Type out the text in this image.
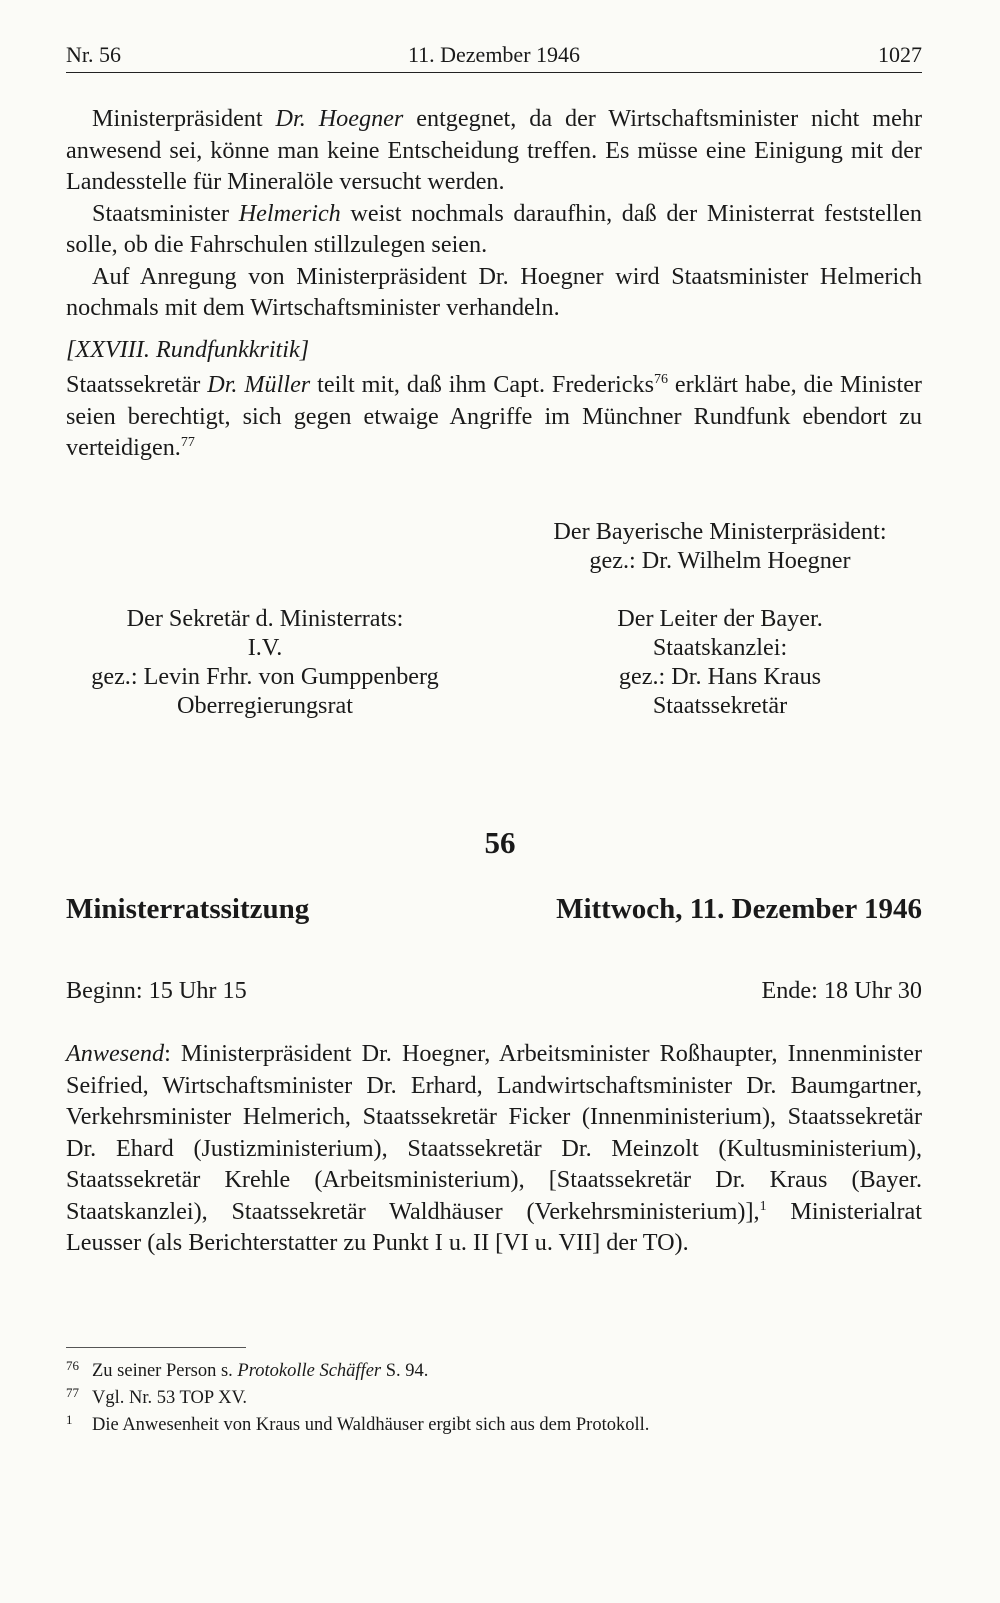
Nr. 56	11. Dezember 1946	1027

Ministerpräsident Dr. Hoegner entgegnet, da der Wirtschaftsminister nicht mehr anwesend sei, könne man keine Entscheidung treffen. Es müsse eine Einigung mit der Landesstelle für Mineralöle versucht werden.

Staatsminister Helmerich weist nochmals daraufhin, daß der Ministerrat feststellen solle, ob die Fahrschulen stillzulegen seien.

Auf Anregung von Ministerpräsident Dr. Hoegner wird Staatsminister Helmerich nochmals mit dem Wirtschaftsminister verhandeln.

[XXVIII. Rundfunkkritik]

Staatssekretär Dr. Müller teilt mit, daß ihm Capt. Fredericks$^{76}$ erklärt habe, die Minister seien berechtigt, sich gegen etwaige Angriffe im Münchner Rundfunk ebendort zu verteidigen.$^{77}$

Der Bayerische Ministerpräsident:
gez.: Dr. Wilhelm Hoegner
Der Sekretär d. Ministerrats:
I.V.
gez.: Levin Frhr. von Gumppenberg
Oberregierungsrat
Der Leiter der Bayer.
Staatskanzlei:
gez.: Dr. Hans Kraus
Staatssekretär
56
Ministerratssitzung	Mittwoch, 11. Dezember 1946
Beginn: 15 Uhr 15	Ende: 18 Uhr 30

Anwesend: Ministerpräsident Dr. Hoegner, Arbeitsminister Roßhaupter, Innenminister Seifried, Wirtschaftsminister Dr. Erhard, Landwirtschaftsminister Dr. Baumgartner, Verkehrsminister Helmerich, Staatssekretär Ficker (Innenministerium), Staatssekretär Dr. Ehard (Justizministerium), Staatssekretär Dr. Meinzolt (Kultusministerium), Staatssekretär Krehle (Arbeitsministerium), [Staatssekretär Dr. Kraus (Bayer. Staatskanzlei), Staatssekretär Waldhäuser (Verkehrsministerium)],$^1$ Ministerialrat Leusser (als Berichterstatter zu Punkt I u. II [VI u. VII] der TO).

76 Zu seiner Person s. Protokolle Schäffer S. 94.

77 Vgl. Nr. 53 TOP XV.

1 Die Anwesenheit von Kraus und Waldhäuser ergibt sich aus dem Protokoll.
